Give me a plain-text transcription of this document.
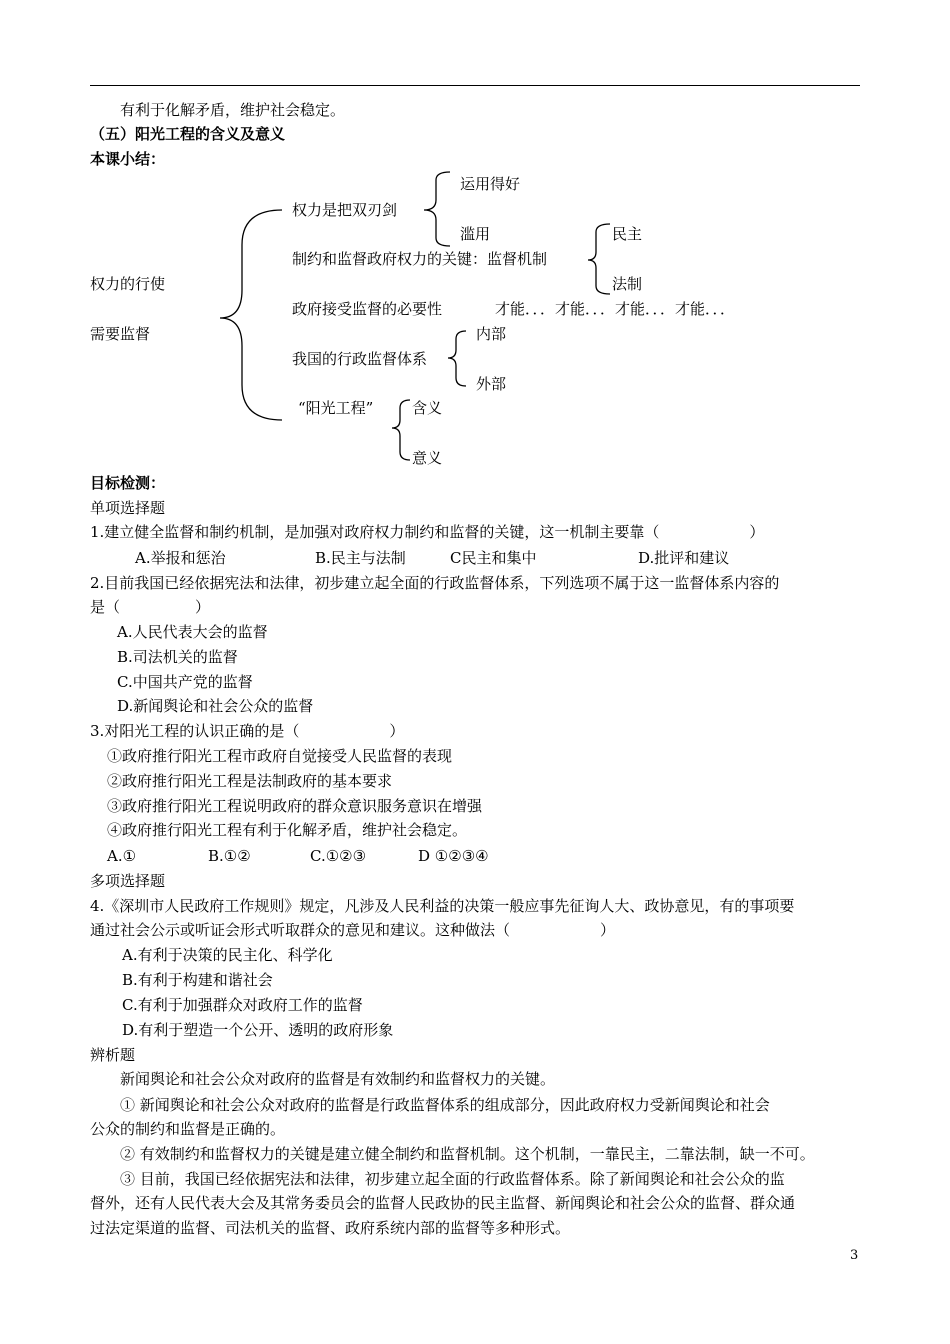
有利于化解矛盾，维护社会稳定。
（五）阳光工程的含义及意义
本课小结：
权力的行使
需要监督
权力是把双刃剑
运用得好
滥用
制约和监督政府权力的关键：监督机制
民主
法制
政府接受监督的必要性	才能．．．才能．．．才能．．．才能．．．
我国的行政监督体系
内部
外部
“阳光工程”	含义
意义
目标检测：
单项选择题
1.建立健全监督和制约机制，是加强对政府权力制约和监督的关键，这一机制主要靠（　　　　　　）
A.举报和惩治	B.民主与法制	C民主和集中	D.批评和建议
2.目前我国已经依据宪法和法律，初步建立起全面的行政监督体系，下列选项不属于这一监督体系内容的
是（　　　　　）
A.人民代表大会的监督
B.司法机关的监督
C.中国共产党的监督
D.新闻舆论和社会公众的监督
3.对阳光工程的认识正确的是（　　　　　　）
①政府推行阳光工程市政府自觉接受人民监督的表现
②政府推行阳光工程是法制政府的基本要求
③政府推行阳光工程说明政府的群众意识服务意识在增强
④政府推行阳光工程有利于化解矛盾，维护社会稳定。
A.①	B.①②	C.①②③	D ①②③④
多项选择题
4.《深圳市人民政府工作规则》规定，凡涉及人民利益的决策一般应事先征询人大、政协意见，有的事项要
通过社会公示或听证会形式听取群众的意见和建议。这种做法（　　　　　　）
A.有利于决策的民主化、科学化
B.有利于构建和谐社会
C.有利于加强群众对政府工作的监督
D.有利于塑造一个公开、透明的政府形象
辨析题
新闻舆论和社会公众对政府的监督是有效制约和监督权力的关键。
① 新闻舆论和社会公众对政府的监督是行政监督体系的组成部分，因此政府权力受新闻舆论和社会
公众的制约和监督是正确的。
② 有效制约和监督权力的关键是建立健全制约和监督机制。这个机制，一靠民主，二靠法制，缺一不可。
③ 目前，我国已经依据宪法和法律，初步建立起全面的行政监督体系。除了新闻舆论和社会公众的监
督外，还有人民代表大会及其常务委员会的监督人民政协的民主监督、新闻舆论和社会公众的监督、群众通
过法定渠道的监督、司法机关的监督、政府系统内部的监督等多种形式。
3
